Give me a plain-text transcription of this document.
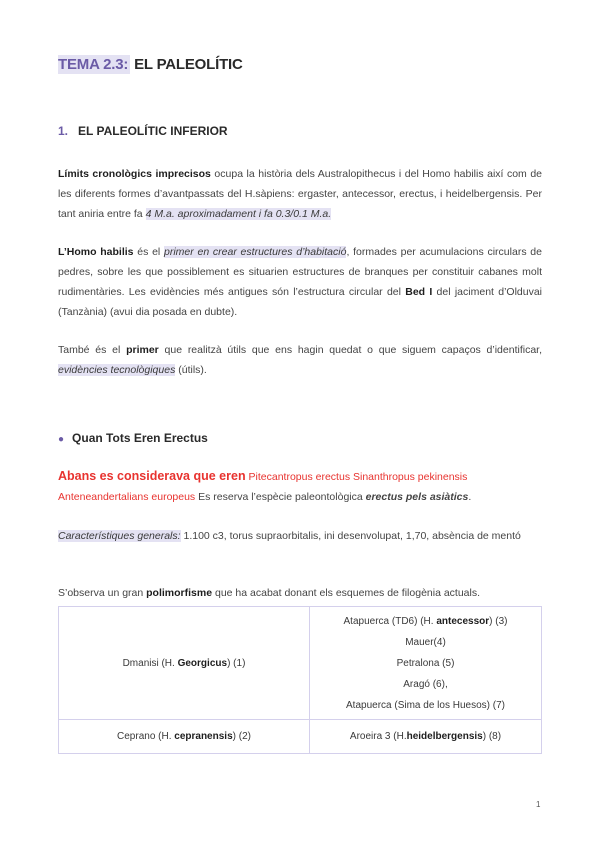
TEMA 2.3: EL PALEOLÍTIC
1. EL PALEOLÍTIC INFERIOR

Límits cronològics imprecisos ocupa la història dels Australopithecus i del Homo habilis així com de les diferents formes d’avantpassats del H.sàpiens: ergaster, antecessor, erectus, i heidelbergensis. Per tant aniria entre fa 4 M.a. aproximadament i fa 0.3/0.1 M.a.

L’Homo habilis és el primer en crear estructures d’habitació, formades per acumulacions circulars de pedres, sobre les que possiblement es situarien estructures de branques per constituir cabanes molt rudimentàries. Les evidències més antigues són l’estructura circular del Bed I del jaciment d’Olduvai (Tanzània) (avui dia posada en dubte).

També és el primer que realitzà útils que ens hagin quedat o que siguem capaços d’identificar, evidències tecnològiques (útils).

● Quan Tots Eren Erectus

Abans es considerava que eren Pitecantropus erectus Sinanthropus pekinensis Anteneandertalians europeus Es reserva l’espècie paleontològica erectus pels asiàtics.

Característiques generals: 1.100 c3, torus supraorbitalis, ini desenvolupat, 1,70, absència de mentó

S’observa un gran polimorfisme que ha acabat donant els esquemes de filogènia actuals.

Dmanisi (H. Georgicus) (1)	Atapuerca (TD6) (H. antecessor) (3)
Mauer(4)
Petralona (5)
Aragó (6),
Atapuerca (Sima de los Huesos) (7)

Ceprano (H. cepranensis) (2)	Aroeira 3 (H.heidelbergensis) (8)
1
